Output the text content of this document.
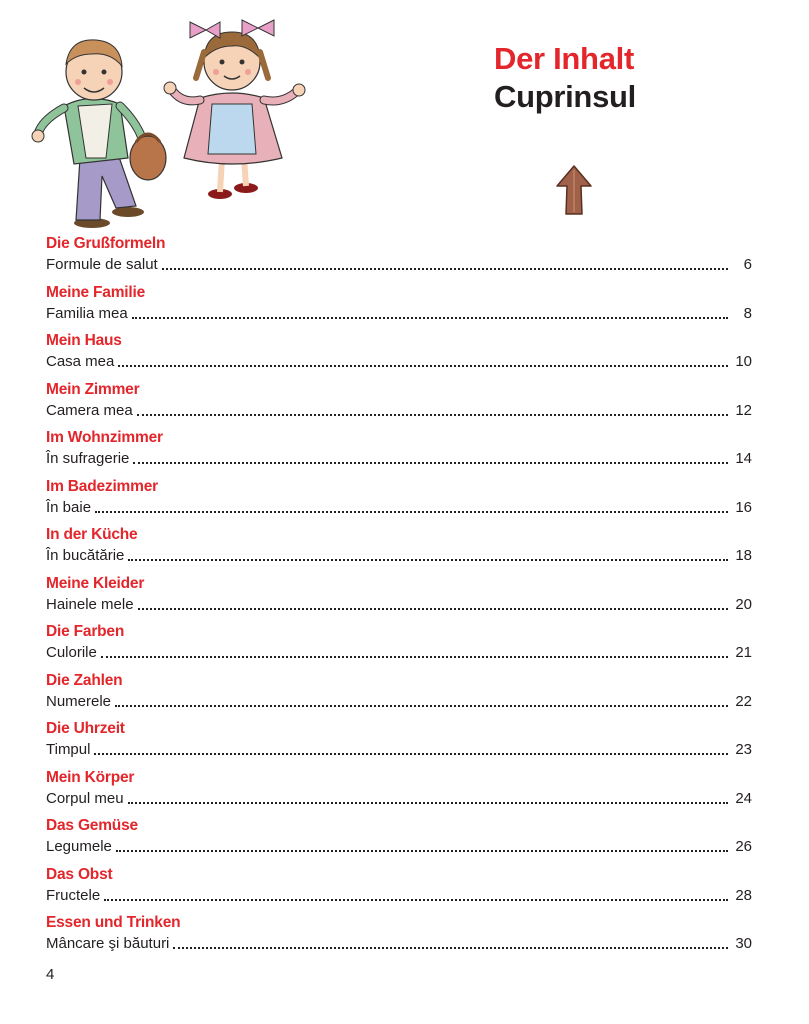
Der Inhalt
Cuprinsul
Die Grußformeln
Formule de salut	6
Meine Familie
Familia mea	8
Mein Haus
Casa mea	10
Mein Zimmer
Camera mea	12
Im Wohnzimmer
În sufragerie	14
Im Badezimmer
În baie	16
In der Küche
În bucătărie	18
Meine Kleider
Hainele mele	20
Die Farben
Culorile	21
Die Zahlen
Numerele	22
Die Uhrzeit
Timpul	23
Mein Körper
Corpul meu	24
Das Gemüse
Legumele	26
Das Obst
Fructele	28
Essen und Trinken
Mâncare şi băuturi	30
4
